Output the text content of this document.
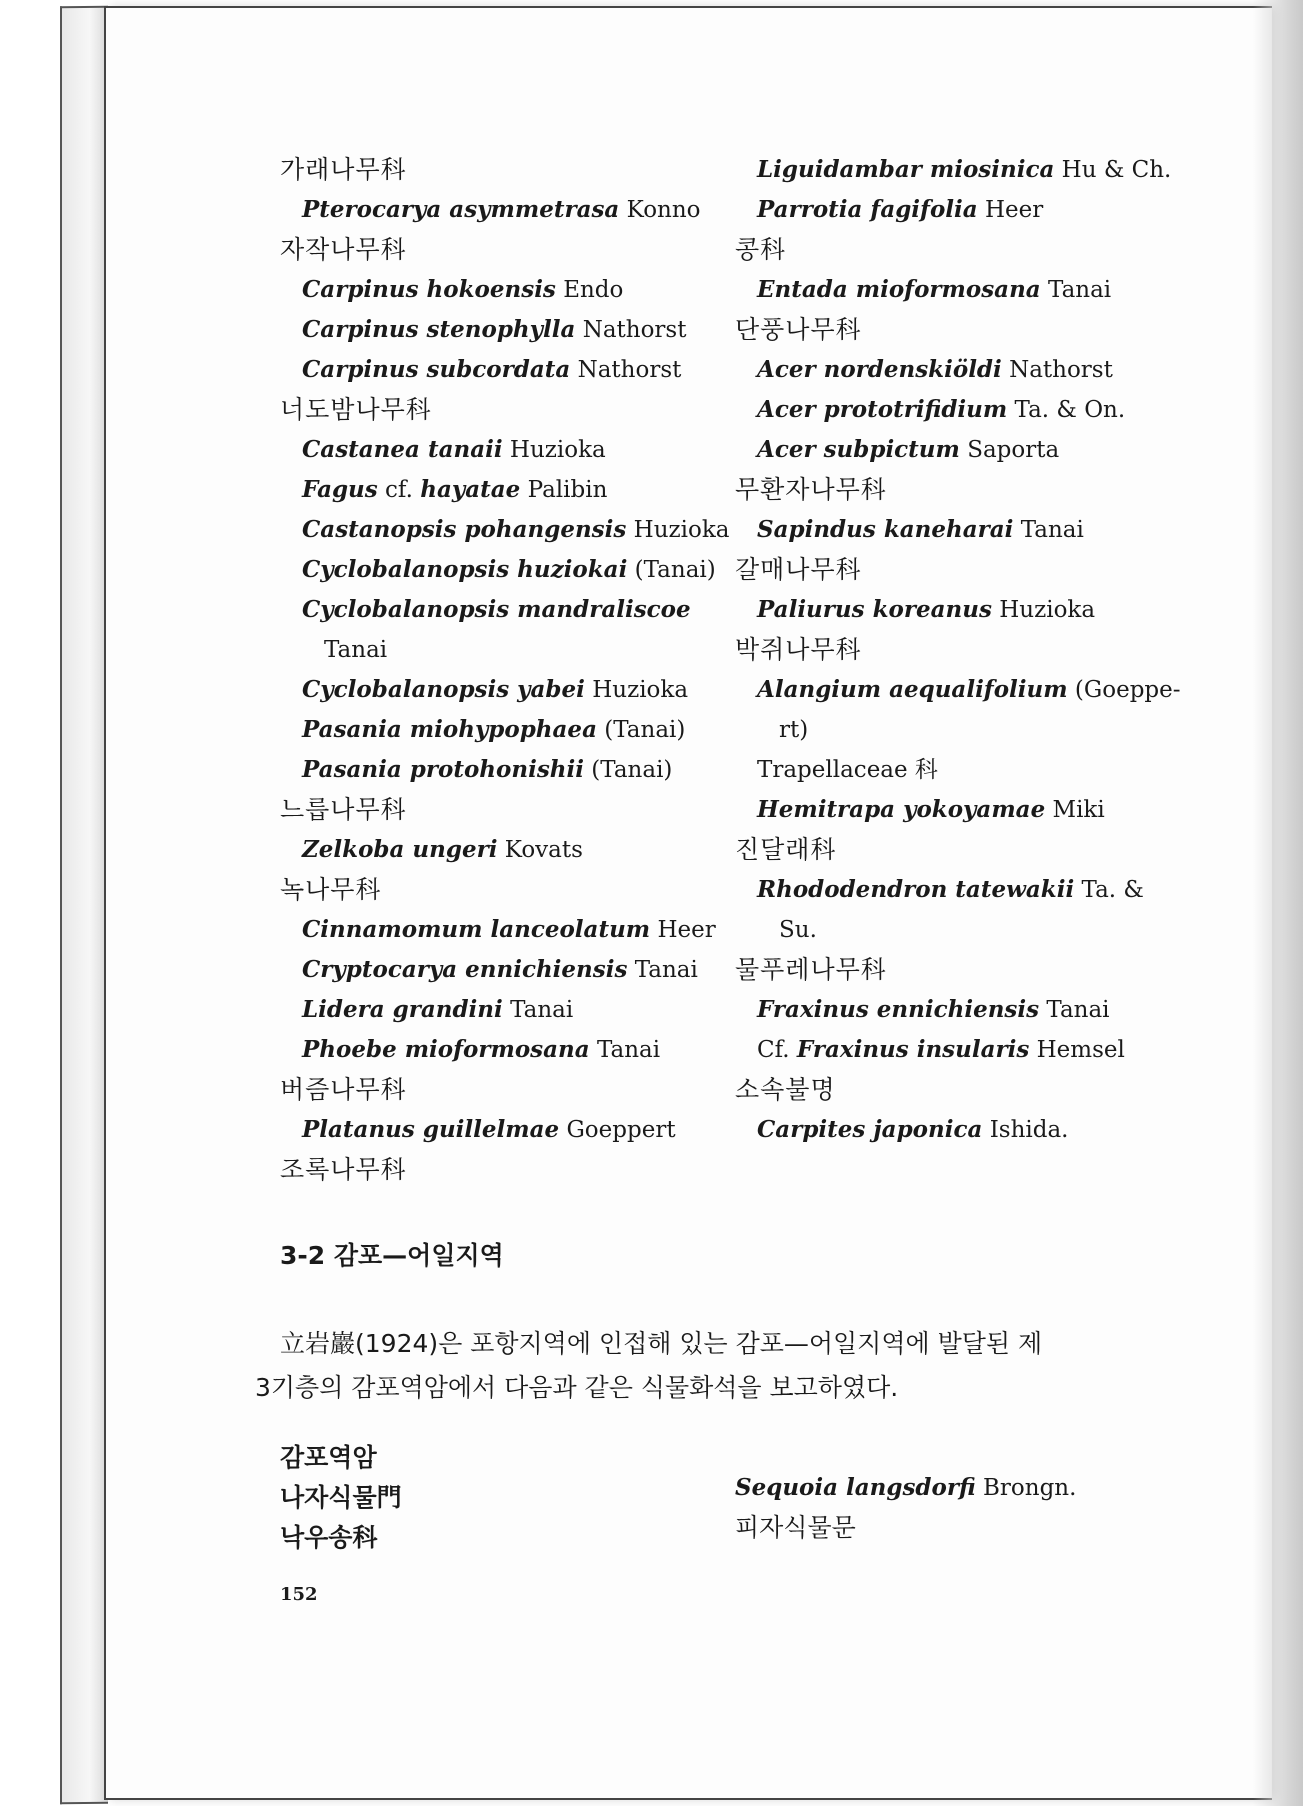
가래나무科
Pterocarya asymmetrasa Konno
자작나무科
Carpinus hokoensis Endo
Carpinus stenophylla Nathorst
Carpinus subcordata Nathorst
너도밤나무科
Castanea tanaii Huzioka
Fagus cf. hayatae Palibin
Castanopsis pohangensis Huzioka
Cyclobalanopsis huziokai (Tanai)
Cyclobalanopsis mandraliscoe
Tanai
Cyclobalanopsis yabei Huzioka
Pasania miohypophaea (Tanai)
Pasania protohonishii (Tanai)
느릅나무科
Zelkoba ungeri Kovats
녹나무科
Cinnamomum lanceolatum Heer
Cryptocarya ennichiensis Tanai
Lidera grandini Tanai
Phoebe mioformosana Tanai
버즘나무科
Platanus guillelmae Goeppert
조록나무科
Liguidambar miosinica Hu & Ch.
Parrotia fagifolia Heer
콩科
Entada mioformosana Tanai
단풍나무科
Acer nordenskiöldi Nathorst
Acer prototrifidium Ta. & On.
Acer subpictum Saporta
무환자나무科
Sapindus kaneharai Tanai
갈매나무科
Paliurus koreanus Huzioka
박쥐나무科
Alangium aequalifolium (Goeppe-
rt)
Trapellaceae 科
Hemitrapa yokoyamae Miki
진달래科
Rhododendron tatewakii Ta. &
Su.
물푸레나무科
Fraxinus ennichiensis Tanai
Cf. Fraxinus insularis Hemsel
소속불명
Carpites japonica Ishida.
3-2 감포—어일지역
立岩巖(1924)은 포항지역에 인접해 있는 감포—어일지역에 발달된 제
3기층의 감포역암에서 다음과 같은 식물화석을 보고하였다.
감포역암
나자식물門
낙우송科
Sequoia langsdorfi Brongn.
피자식물문
152
